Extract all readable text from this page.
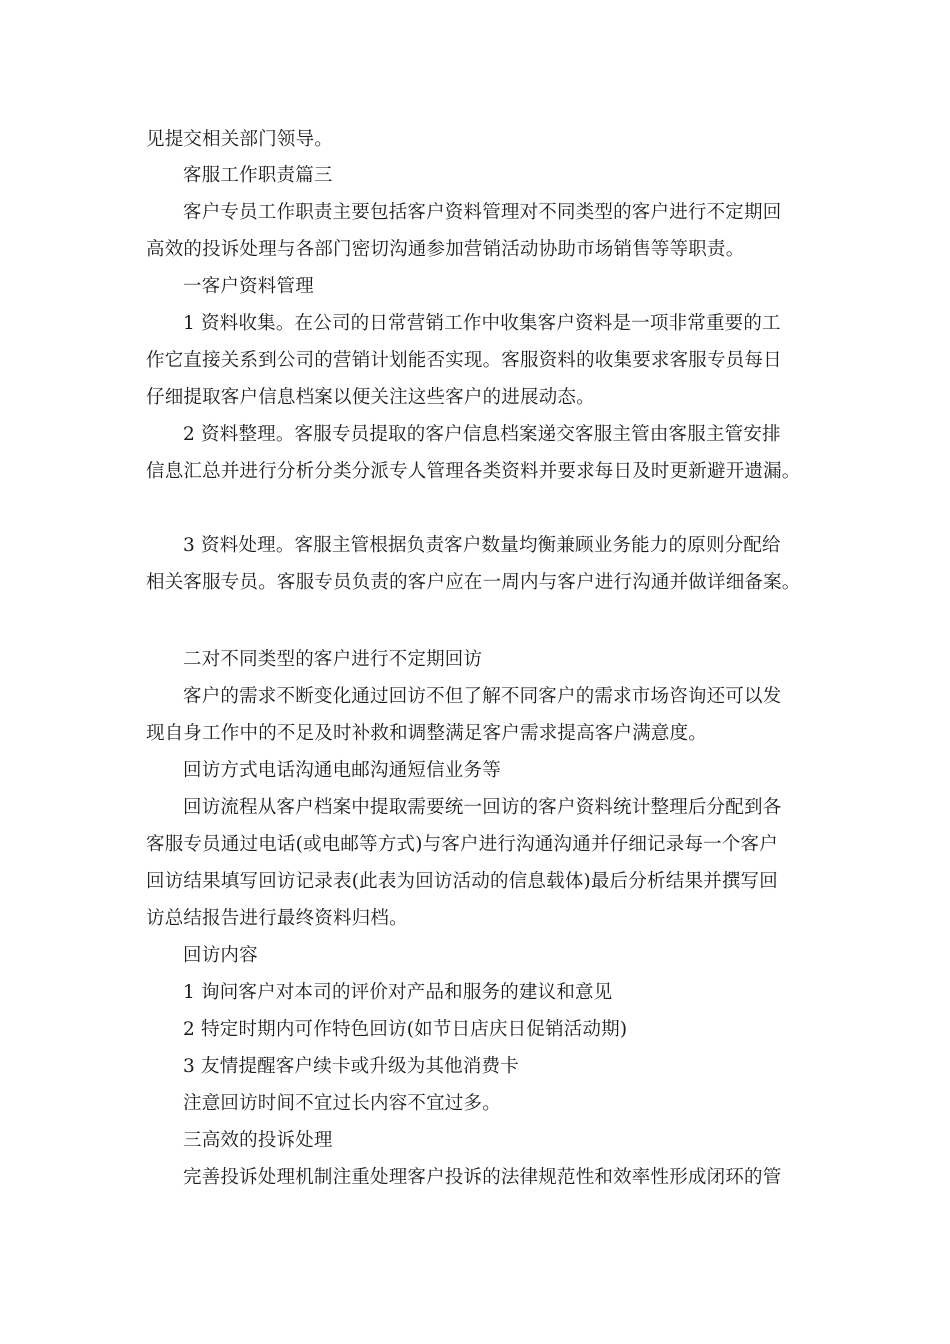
见提交相关部门领导。
客服工作职责篇三
客户专员工作职责主要包括客户资料管理对不同类型的客户进行不定期回
高效的投诉处理与各部门密切沟通参加营销活动协助市场销售等等职责。
一客户资料管理
1 资料收集。在公司的日常营销工作中收集客户资料是一项非常重要的工
作它直接关系到公司的营销计划能否实现。客服资料的收集要求客服专员每日
仔细提取客户信息档案以便关注这些客户的进展动态。
2 资料整理。客服专员提取的客户信息档案递交客服主管由客服主管安排
信息汇总并进行分析分类分派专人管理各类资料并要求每日及时更新避开遗漏。
3 资料处理。客服主管根据负责客户数量均衡兼顾业务能力的原则分配给
相关客服专员。客服专员负责的客户应在一周内与客户进行沟通并做详细备案。
二对不同类型的客户进行不定期回访
客户的需求不断变化通过回访不但了解不同客户的需求市场咨询还可以发
现自身工作中的不足及时补救和调整满足客户需求提高客户满意度。
回访方式电话沟通电邮沟通短信业务等
回访流程从客户档案中提取需要统一回访的客户资料统计整理后分配到各
客服专员通过电话(或电邮等方式)与客户进行沟通沟通并仔细记录每一个客户
回访结果填写回访记录表(此表为回访活动的信息载体)最后分析结果并撰写回
访总结报告进行最终资料归档。
回访内容
1 询问客户对本司的评价对产品和服务的建议和意见
2 特定时期内可作特色回访(如节日店庆日促销活动期)
3 友情提醒客户续卡或升级为其他消费卡
注意回访时间不宜过长内容不宜过多。
三高效的投诉处理
完善投诉处理机制注重处理客户投诉的法律规范性和效率性形成闭环的管
